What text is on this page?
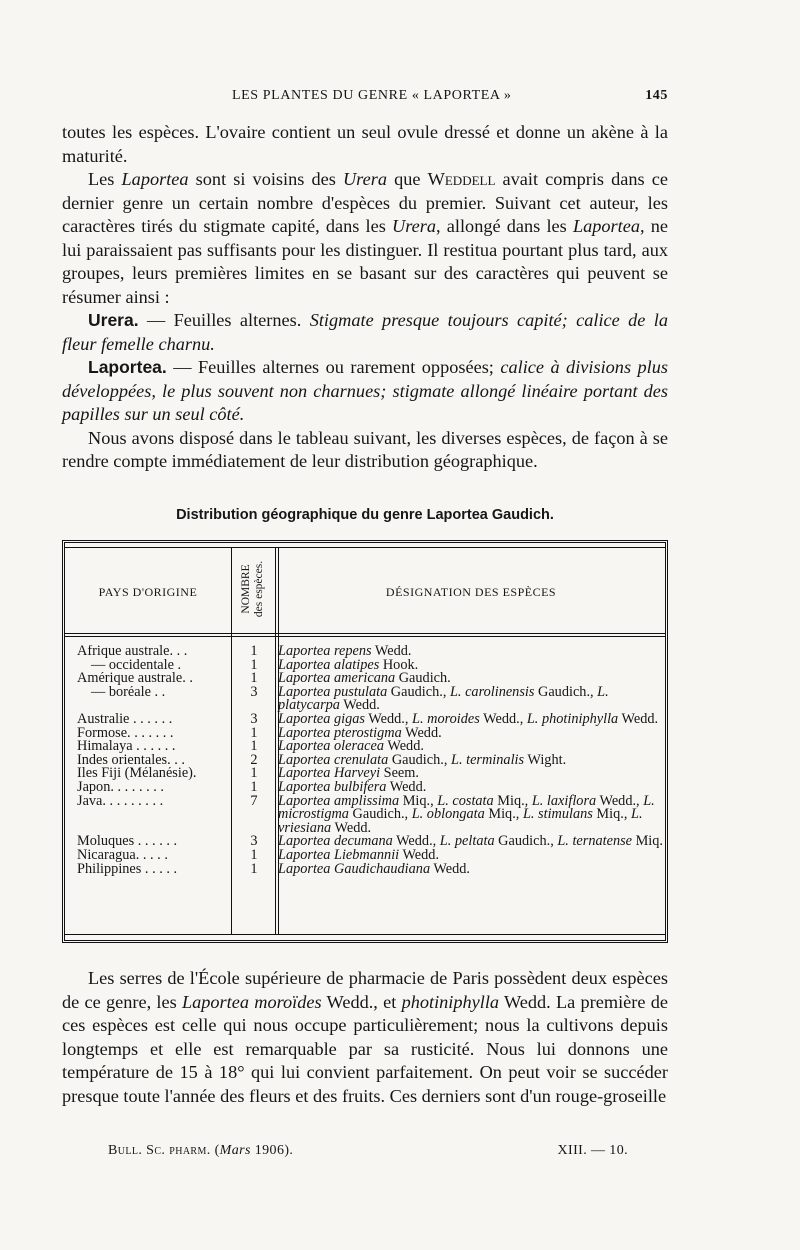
LES PLANTES DU GENRE « LAPORTEA »	145

toutes les espèces. L'ovaire contient un seul ovule dressé et donne un akène à la maturité.

Les Laportea sont si voisins des Urera que Weddell avait compris dans ce dernier genre un certain nombre d'espèces du premier. Suivant cet auteur, les caractères tirés du stigmate capité, dans les Urera, allongé dans les Laportea, ne lui paraissaient pas suffisants pour les distinguer. Il restitua pourtant plus tard, aux groupes, leurs premières limites en se basant sur des caractères qui peuvent se résumer ainsi :

Urera. — Feuilles alternes. Stigmate presque toujours capité; calice de la fleur femelle charnu.

Laportea. — Feuilles alternes ou rarement opposées; calice à divisions plus développées, le plus souvent non charnues; stigmate allongé linéaire portant des papilles sur un seul côté.

Nous avons disposé dans le tableau suivant, les diverses espèces, de façon à se rendre compte immédiatement de leur distribution géographique.

Distribution géographique du genre Laportea Gaudich.
PAYS D'ORIGINE	NOMBRE des espèces.	DÉSIGNATION DES ESPÈCES
Afrique australe. . .	1	Laportea repens Wedd.
— occidentale .	1	Laportea alatipes Hook.
Amérique australe. .	1	Laportea americana Gaudich.
— boréale . .	3	Laportea pustulata Gaudich., L. carolinensis Gaudich., L. platycarpa Wedd.
Australie . . . . . .	3	Laportea gigas Wedd., L. moroides Wedd., L. photiniphylla Wedd.
Formose. . . . . . .	1	Laportea pterostigma Wedd.
Himalaya . . . . . .	1	Laportea oleracea Wedd.
Indes orientales. . .	2	Laportea crenulata Gaudich., L. terminalis Wight.
Iles Fiji (Mélanésie).	1	Laportea Harveyi Seem.
Japon. . . . . . . .	1	Laportea bulbifera Wedd.
Java. . . . . . . . .	7	Laportea amplissima Miq., L. costata Miq., L. laxiflora Wedd., L. microstigma Gaudich., L. oblongata Miq., L. stimulans Miq., L. vriesiana Wedd.
Moluques . . . . . .	3	Laportea decumana Wedd., L. peltata Gaudich., L. ternatense Miq.
Nicaragua. . . . .	1	Laportea Liebmannii Wedd.
Philippines . . . . .	1	Laportea Gaudichaudiana Wedd.

Les serres de l'École supérieure de pharmacie de Paris possèdent deux espèces de ce genre, les Laportea moroïdes Wedd., et photiniphylla Wedd. La première de ces espèces est celle qui nous occupe particulièrement; nous la cultivons depuis longtemps et elle est remarquable par sa rusticité. Nous lui donnons une température de 15 à 18° qui lui convient parfaitement. On peut voir se succéder presque toute l'année des fleurs et des fruits. Ces derniers sont d'un rouge-groseille

Bull. Sc. pharm. (Mars 1906).	XIII. — 10.
